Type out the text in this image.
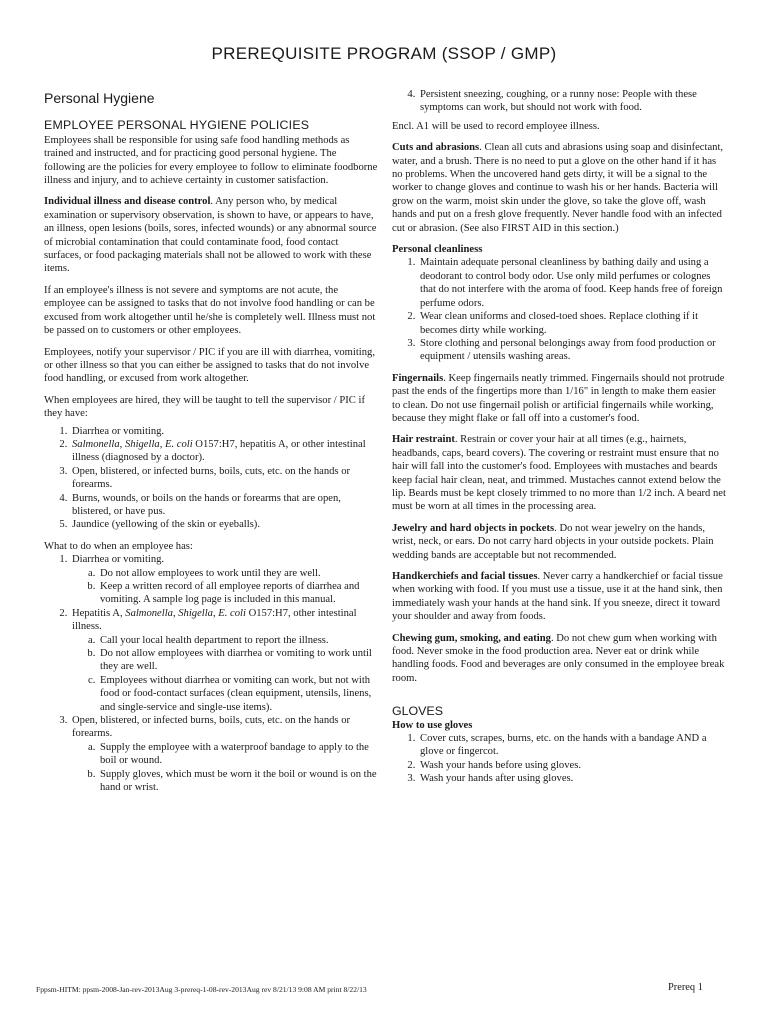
PREREQUISITE PROGRAM (SSOP / GMP)
Personal Hygiene
EMPLOYEE PERSONAL HYGIENE POLICIES

Employees shall be responsible for using safe food handling methods as trained and instructed, and for practicing good personal hygiene. The following are the policies for every employee to follow to eliminate foodborne illness and injury, and to achieve certainty in customer satisfaction.

Individual illness and disease control. Any person who, by medical examination or supervisory observation, is shown to have, or appears to have, an illness, open lesions (boils, sores, infected wounds) or any abnormal source of microbial contamination that could contaminate food, food contact surfaces, or food packaging materials shall not be allowed to work with these items.

If an employee's illness is not severe and symptoms are not acute, the employee can be assigned to tasks that do not involve food handling or can be excused from work altogether until he/she is completely well. Illness must not be passed on to customers or other employees.

Employees, notify your supervisor / PIC if you are ill with diarrhea, vomiting, or other illness so that you can either be assigned to tasks that do not involve food handling, or excused from work altogether.

When employees are hired, they will be taught to tell the supervisor / PIC if they have:

1. Diarrhea or vomiting.
2. Salmonella, Shigella, E. coli O157:H7, hepatitis A, or other intestinal illness (diagnosed by a doctor).
3. Open, blistered, or infected burns, boils, cuts, etc. on the hands or forearms.
4. Burns, wounds, or boils on the hands or forearms that are open, blistered, or have pus.
5. Jaundice (yellowing of the skin or eyeballs).

What to do when an employee has:

1. Diarrhea or vomiting.
a. Do not allow employees to work until they are well.
b. Keep a written record of all employee reports of diarrhea and vomiting. A sample log page is included in this manual.
2. Hepatitis A, Salmonella, Shigella, E. coli O157:H7, other intestinal illness.
a. Call your local health department to report the illness.
b. Do not allow employees with diarrhea or vomiting to work until they are well.
c. Employees without diarrhea or vomiting can work, but not with food or food-contact surfaces (clean equipment, utensils, linens, and single-service and single-use items).
3. Open, blistered, or infected burns, boils, cuts, etc. on the hands or forearms.
a. Supply the employee with a waterproof bandage to apply to the boil or wound.
b. Supply gloves, which must be worn it the boil or wound is on the hand or wrist.
4. Persistent sneezing, coughing, or a runny nose: People with these symptoms can work, but should not work with food.

Encl. A1 will be used to record employee illness.

Cuts and abrasions. Clean all cuts and abrasions using soap and disinfectant, water, and a brush. There is no need to put a glove on the other hand if it has no problems. When the uncovered hand gets dirty, it will be a signal to the worker to change gloves and continue to wash his or her hands. Bacteria will grow on the warm, moist skin under the glove, so take the glove off, wash hands and put on a fresh glove frequently. Never handle food with an infected cut or abrasion. (See also FIRST AID in this section.)

Personal cleanliness

1. Maintain adequate personal cleanliness by bathing daily and using a deodorant to control body odor. Use only mild perfumes or colognes that do not interfere with the aroma of food. Keep hands free of foreign perfume odors.
2. Wear clean uniforms and closed-toed shoes. Replace clothing if it becomes dirty while working.
3. Store clothing and personal belongings away from food production or equipment / utensils washing areas.

Fingernails. Keep fingernails neatly trimmed. Fingernails should not protrude past the ends of the fingertips more than 1/16" in length to make them easier to clean. Do not use fingernail polish or artificial fingernails while working, because they might flake or fall off into a customer's food.

Hair restraint. Restrain or cover your hair at all times (e.g., hairnets, headbands, caps, beard covers). The covering or restraint must ensure that no hair will fall into the customer's food. Employees with mustaches and beards keep facial hair clean, neat, and trimmed. Mustaches cannot extend below the lip. Beards must be kept closely trimmed to no more than 1/2 inch. A beard net must be worn at all times in the processing area.

Jewelry and hard objects in pockets. Do not wear jewelry on the hands, wrist, neck, or ears. Do not carry hard objects in your outside pockets. Plain wedding bands are acceptable but not recommended.

Handkerchiefs and facial tissues. Never carry a handkerchief or facial tissue when working with food. If you must use a tissue, use it at the hand sink, then immediately wash your hands at the hand sink. If you sneeze, direct it toward your shoulder and away from foods.

Chewing gum, smoking, and eating. Do not chew gum when working with food. Never smoke in the food production area. Never eat or drink while handling foods. Food and beverages are only consumed in the employee break room.

GLOVES

How to use gloves

1. Cover cuts, scrapes, burns, etc. on the hands with a bandage AND a glove or fingercot.
2. Wash your hands before using gloves.
3. Wash your hands after using gloves.
Fppsm-HITM: ppsm-2008-Jan-rev-2013Aug 3-prereq-1-08-rev-2013Aug rev 8/21/13 9:08 AM print 8/22/13	Prereq 1
